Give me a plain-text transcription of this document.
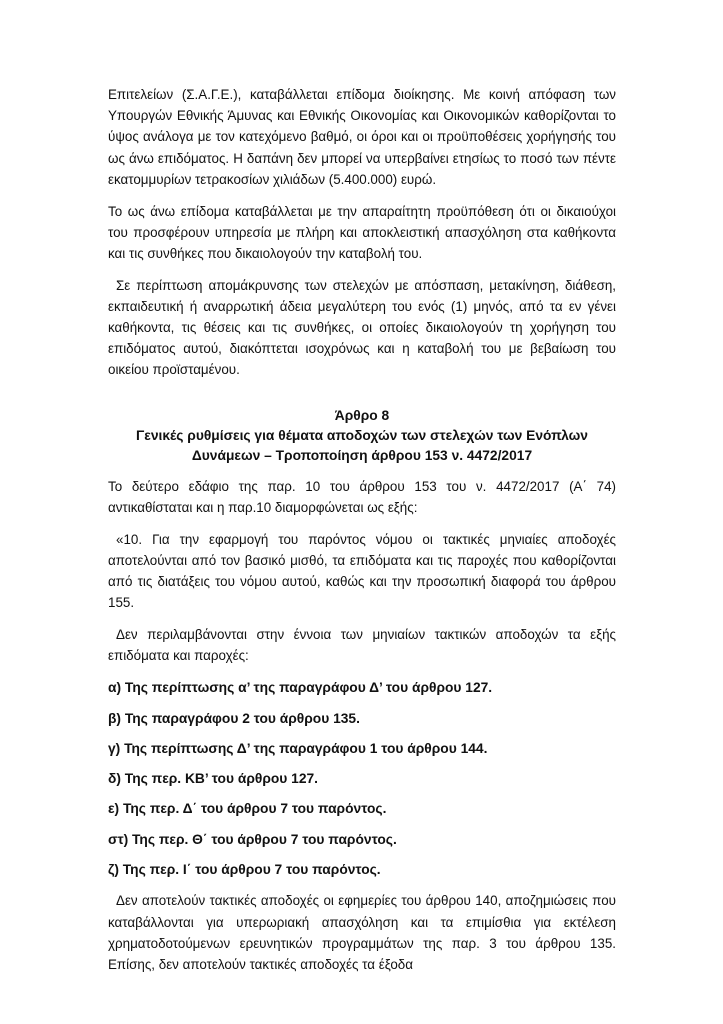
Επιτελείων (Σ.Α.Γ.Ε.), καταβάλλεται επίδομα διοίκησης. Με κοινή απόφαση των Υπουργών Εθνικής Άμυνας και Εθνικής Οικονομίας και Οικονομικών καθορίζονται το ύψος ανάλογα με τον κατεχόμενο βαθμό, οι όροι και οι προϋποθέσεις χορήγησής του ως άνω επιδόματος. Η δαπάνη δεν μπορεί να υπερβαίνει ετησίως το ποσό των πέντε εκατομμυρίων τετρακοσίων χιλιάδων (5.400.000) ευρώ.

Το ως άνω επίδομα καταβάλλεται με την απαραίτητη προϋπόθεση ότι οι δικαιούχοι του προσφέρουν υπηρεσία με πλήρη και αποκλειστική απασχόληση στα καθήκοντα και τις συνθήκες που δικαιολογούν την καταβολή του.

Σε περίπτωση απομάκρυνσης των στελεχών με απόσπαση, μετακίνηση, διάθεση, εκπαιδευτική ή αναρρωτική άδεια μεγαλύτερη του ενός (1) μηνός, από τα εν γένει καθήκοντα, τις θέσεις και τις συνθήκες, οι οποίες δικαιολογούν τη χορήγηση του επιδόματος αυτού, διακόπτεται ισοχρόνως και η καταβολή του με βεβαίωση του οικείου προϊσταμένου.

Άρθρο 8
Γενικές ρυθμίσεις για θέματα αποδοχών των στελεχών των Ενόπλων
Δυνάμεων – Τροποποίηση άρθρου 153 ν. 4472/2017

Το δεύτερο εδάφιο της παρ. 10 του άρθρου 153 του ν. 4472/2017 (Α΄ 74) αντικαθίσταται και η παρ.10 διαμορφώνεται ως εξής:

«10. Για την εφαρμογή του παρόντος νόμου οι τακτικές μηνιαίες αποδοχές αποτελούνται από τον βασικό μισθό, τα επιδόματα και τις παροχές που καθορίζονται από τις διατάξεις του νόμου αυτού, καθώς και την προσωπική διαφορά του άρθρου 155.

Δεν περιλαμβάνονται στην έννοια των μηνιαίων τακτικών αποδοχών τα εξής επιδόματα και παροχές:

α) Της περίπτωσης α’ της παραγράφου Δ’ του άρθρου 127.

β) Της παραγράφου 2 του άρθρου 135.

γ) Της περίπτωσης Δ’ της παραγράφου 1 του άρθρου 144.

δ) Της περ. ΚΒ’ του άρθρου 127.

ε) Της περ. Δ΄ του άρθρου 7 του παρόντος.

στ) Της περ. Θ΄ του άρθρου 7 του παρόντος.

ζ) Της περ. Ι΄ του άρθρου 7 του παρόντος.

Δεν αποτελούν τακτικές αποδοχές οι εφημερίες του άρθρου 140, αποζημιώσεις που καταβάλλονται για υπερωριακή απασχόληση και τα επιμίσθια για εκτέλεση χρηματοδοτούμενων ερευνητικών προγραμμάτων της παρ. 3 του άρθρου 135. Επίσης, δεν αποτελούν τακτικές αποδοχές τα έξοδα
